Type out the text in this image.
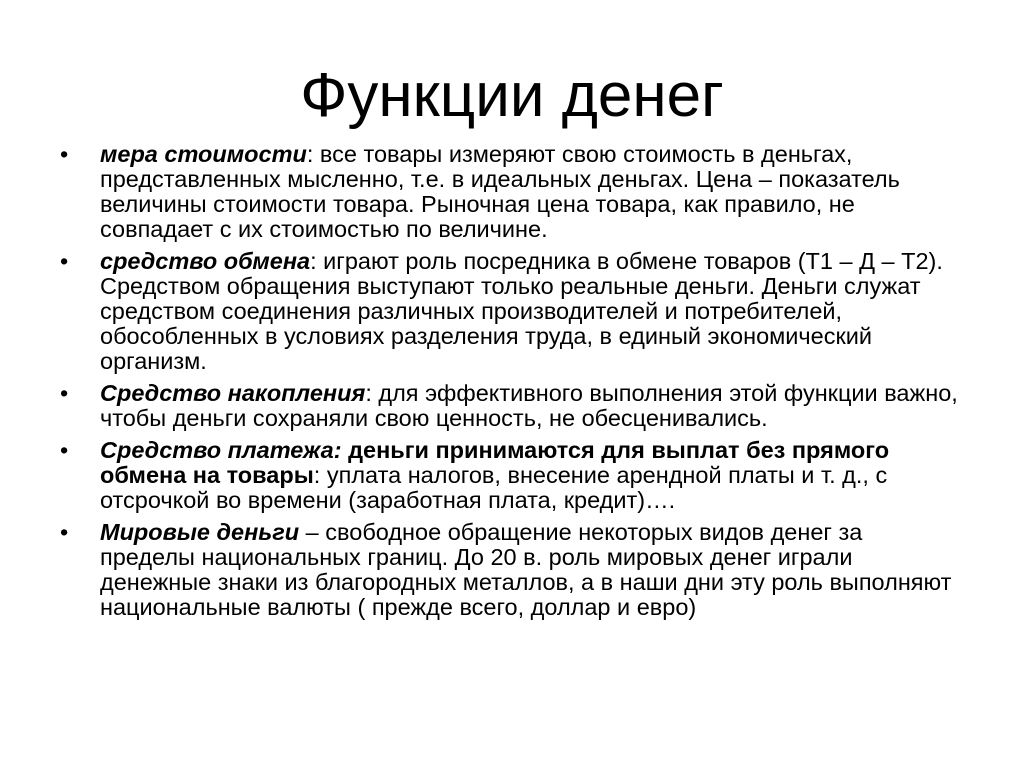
Функции денег
•	мера стоимости: все товары измеряют свою стоимость в деньгах, представленных мысленно, т.е. в идеальных деньгах. Цена – показатель величины стоимости товара. Рыночная цена товара, как правило, не совпадает с их стоимостью по величине.
•	средство обмена: играют роль посредника в обмене товаров (Т1 – Д – Т2). Средством обращения выступают только реальные деньги. Деньги служат средством соединения различных производителей и потребителей, обособленных в условиях разделения труда, в единый экономический организм.
•	Средство накопления: для эффективного выполнения этой функции важно, чтобы деньги сохраняли свою ценность, не обесценивались.
•	Средство платежа: деньги принимаются для выплат без прямого обмена на товары: уплата налогов, внесение арендной платы и т. д., с отсрочкой во времени (заработная плата, кредит)….
•	Мировые деньги – свободное обращение некоторых видов денег за пределы национальных границ. До 20 в. роль мировых денег играли денежные знаки из благородных металлов, а в наши дни эту роль выполняют национальные валюты ( прежде всего, доллар и евро)
